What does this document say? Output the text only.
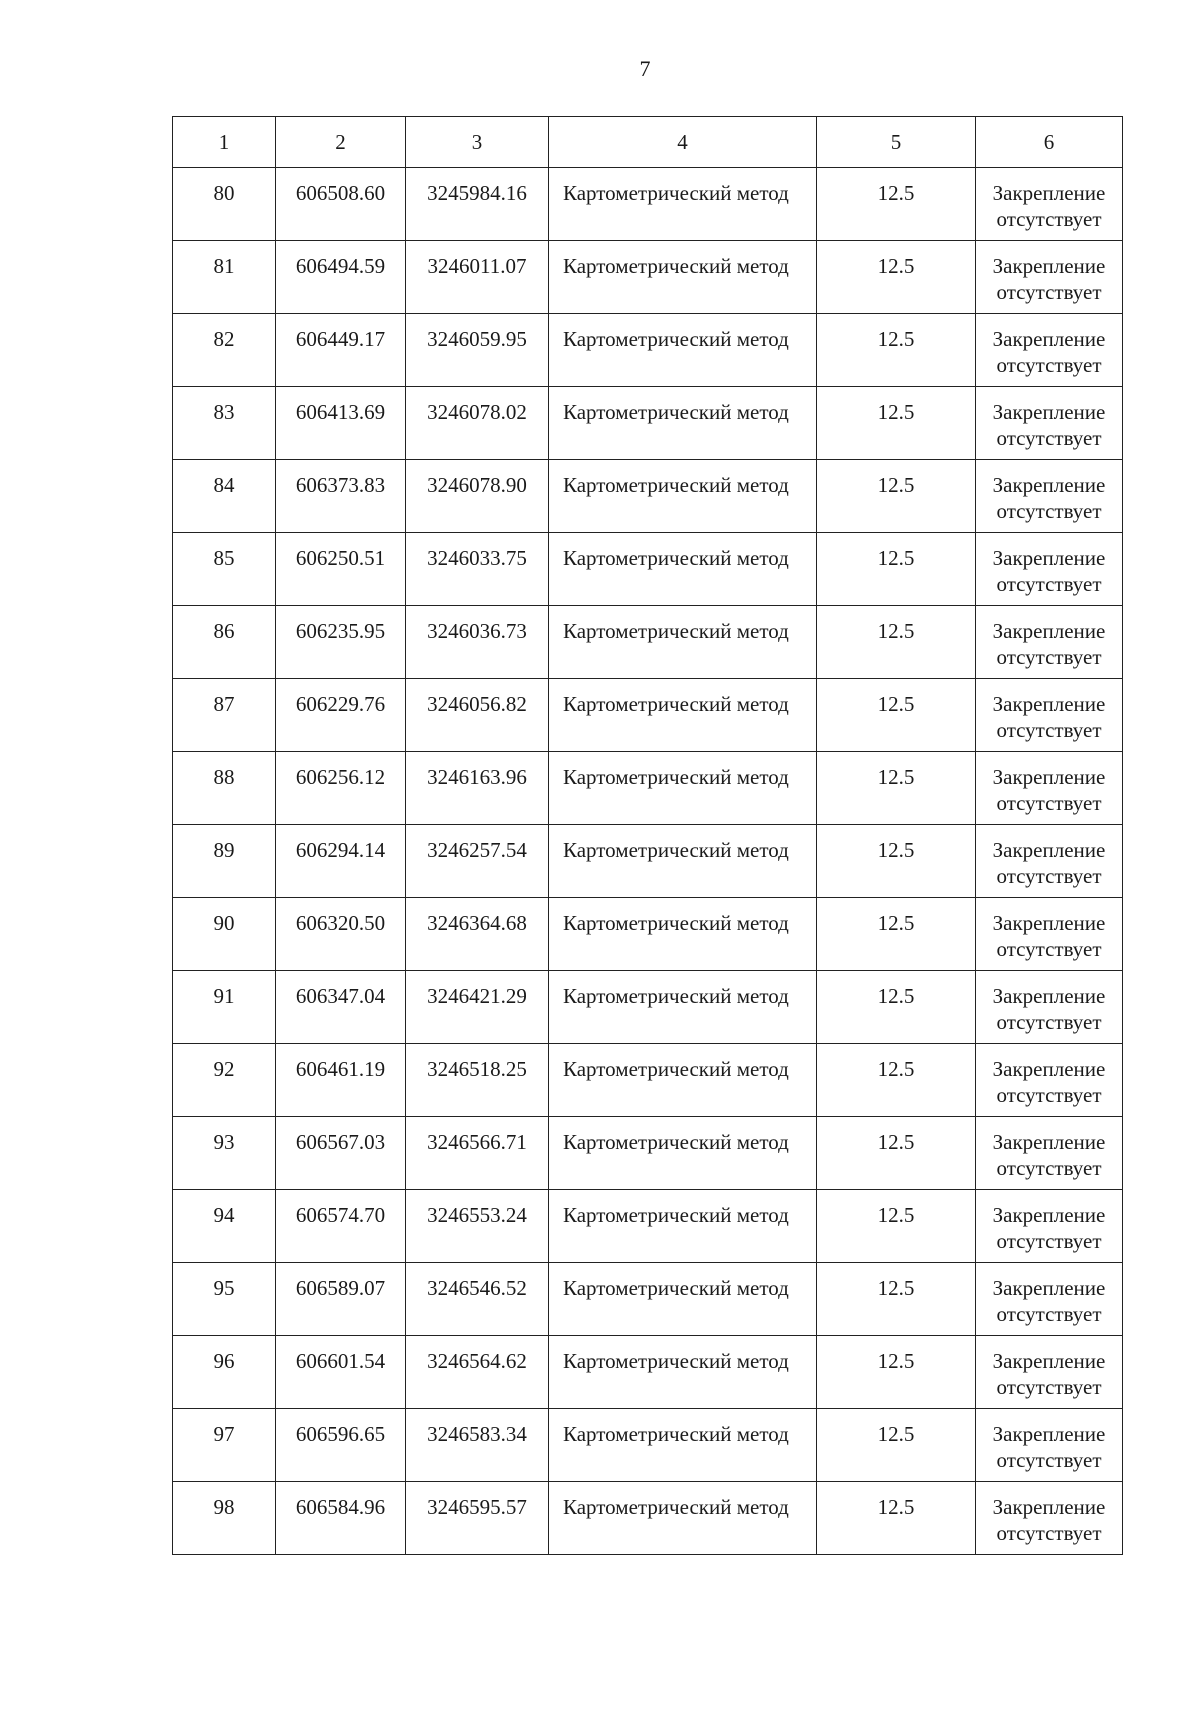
7
1	2	3	4	5	6
80	606508.60	3245984.16	Картометрический метод	12.5	Закрепление
отсутствует

81	606494.59	3246011.07	Картометрический метод	12.5	Закрепление
отсутствует

82	606449.17	3246059.95	Картометрический метод	12.5	Закрепление
отсутствует

83	606413.69	3246078.02	Картометрический метод	12.5	Закрепление
отсутствует

84	606373.83	3246078.90	Картометрический метод	12.5	Закрепление
отсутствует

85	606250.51	3246033.75	Картометрический метод	12.5	Закрепление
отсутствует

86	606235.95	3246036.73	Картометрический метод	12.5	Закрепление
отсутствует

87	606229.76	3246056.82	Картометрический метод	12.5	Закрепление
отсутствует

88	606256.12	3246163.96	Картометрический метод	12.5	Закрепление
отсутствует

89	606294.14	3246257.54	Картометрический метод	12.5	Закрепление
отсутствует

90	606320.50	3246364.68	Картометрический метод	12.5	Закрепление
отсутствует

91	606347.04	3246421.29	Картометрический метод	12.5	Закрепление
отсутствует

92	606461.19	3246518.25	Картометрический метод	12.5	Закрепление
отсутствует

93	606567.03	3246566.71	Картометрический метод	12.5	Закрепление
отсутствует

94	606574.70	3246553.24	Картометрический метод	12.5	Закрепление
отсутствует

95	606589.07	3246546.52	Картометрический метод	12.5	Закрепление
отсутствует

96	606601.54	3246564.62	Картометрический метод	12.5	Закрепление
отсутствует

97	606596.65	3246583.34	Картометрический метод	12.5	Закрепление
отсутствует

98	606584.96	3246595.57	Картометрический метод	12.5	Закрепление
отсутствует
